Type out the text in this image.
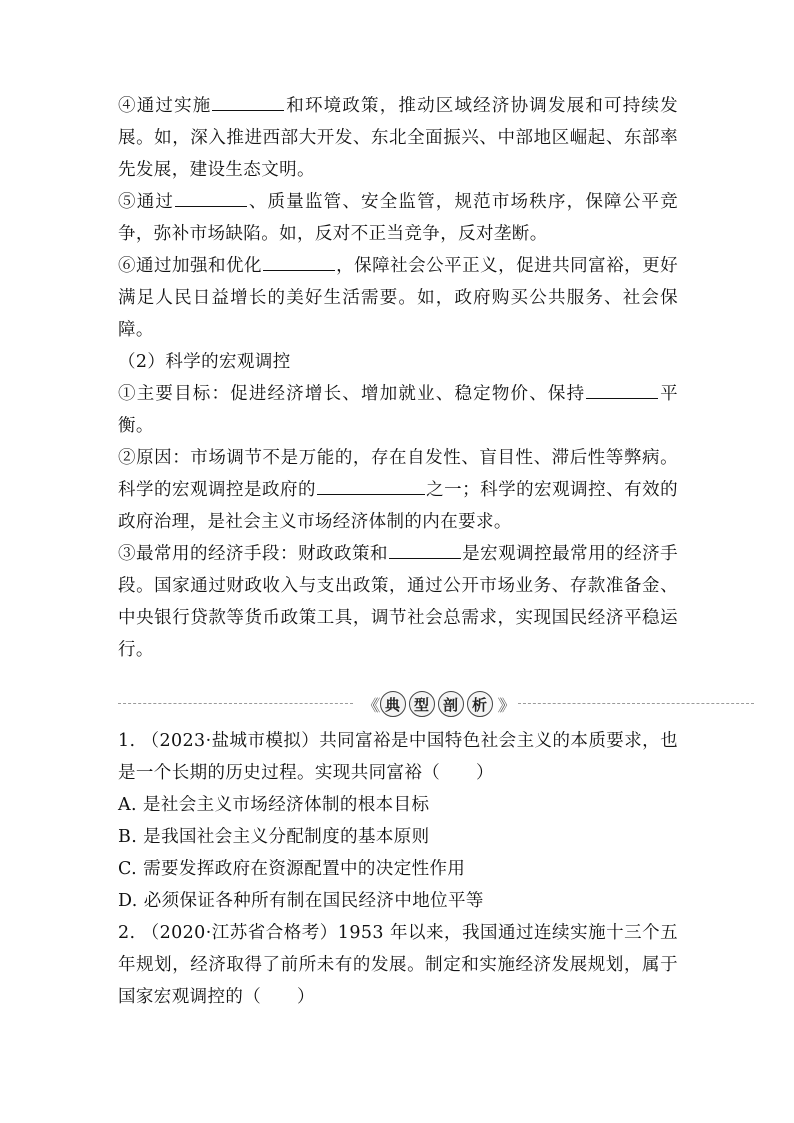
④通过实施	和环境政策，推动区域经济协调发展和可持续发展。如，深入推进西部大开发、东北全面振兴、中部地区崛起、东部率先发展，建设生态文明。

⑤通过	、质量监管、安全监管，规范市场秩序，保障公平竞争，弥补市场缺陷。如，反对不正当竞争，反对垄断。

⑥通过加强和优化	，保障社会公平正义，促进共同富裕，更好满足人民日益增长的美好生活需要。如，政府购买公共服务、社会保障。

（2）科学的宏观调控

①主要目标：促进经济增长、增加就业、稳定物价、保持	平衡。

②原因：市场调节不是万能的，存在自发性、盲目性、滞后性等弊病。科学的宏观调控是政府的	之一；科学的宏观调控、有效的政府治理，是社会主义市场经济体制的内在要求。

③最常用的经济手段：财政政策和	是宏观调控最常用的经济手段。国家通过财政收入与支出政策，通过公开市场业务、存款准备金、中央银行贷款等货币政策工具，调节社会总需求，实现国民经济平稳运行。

《《 典 型 剖 析 》》

1. （2023·盐城市模拟）共同富裕是中国特色社会主义的本质要求，也是一个长期的历史过程。实现共同富裕（　　）

A. 是社会主义市场经济体制的根本目标

B. 是我国社会主义分配制度的基本原则

C. 需要发挥政府在资源配置中的决定性作用

D. 必须保证各种所有制在国民经济中地位平等

2. （2020·江苏省合格考）1953 年以来，我国通过连续实施十三个五年规划，经济取得了前所未有的发展。制定和实施经济发展规划，属于国家宏观调控的（　　）
